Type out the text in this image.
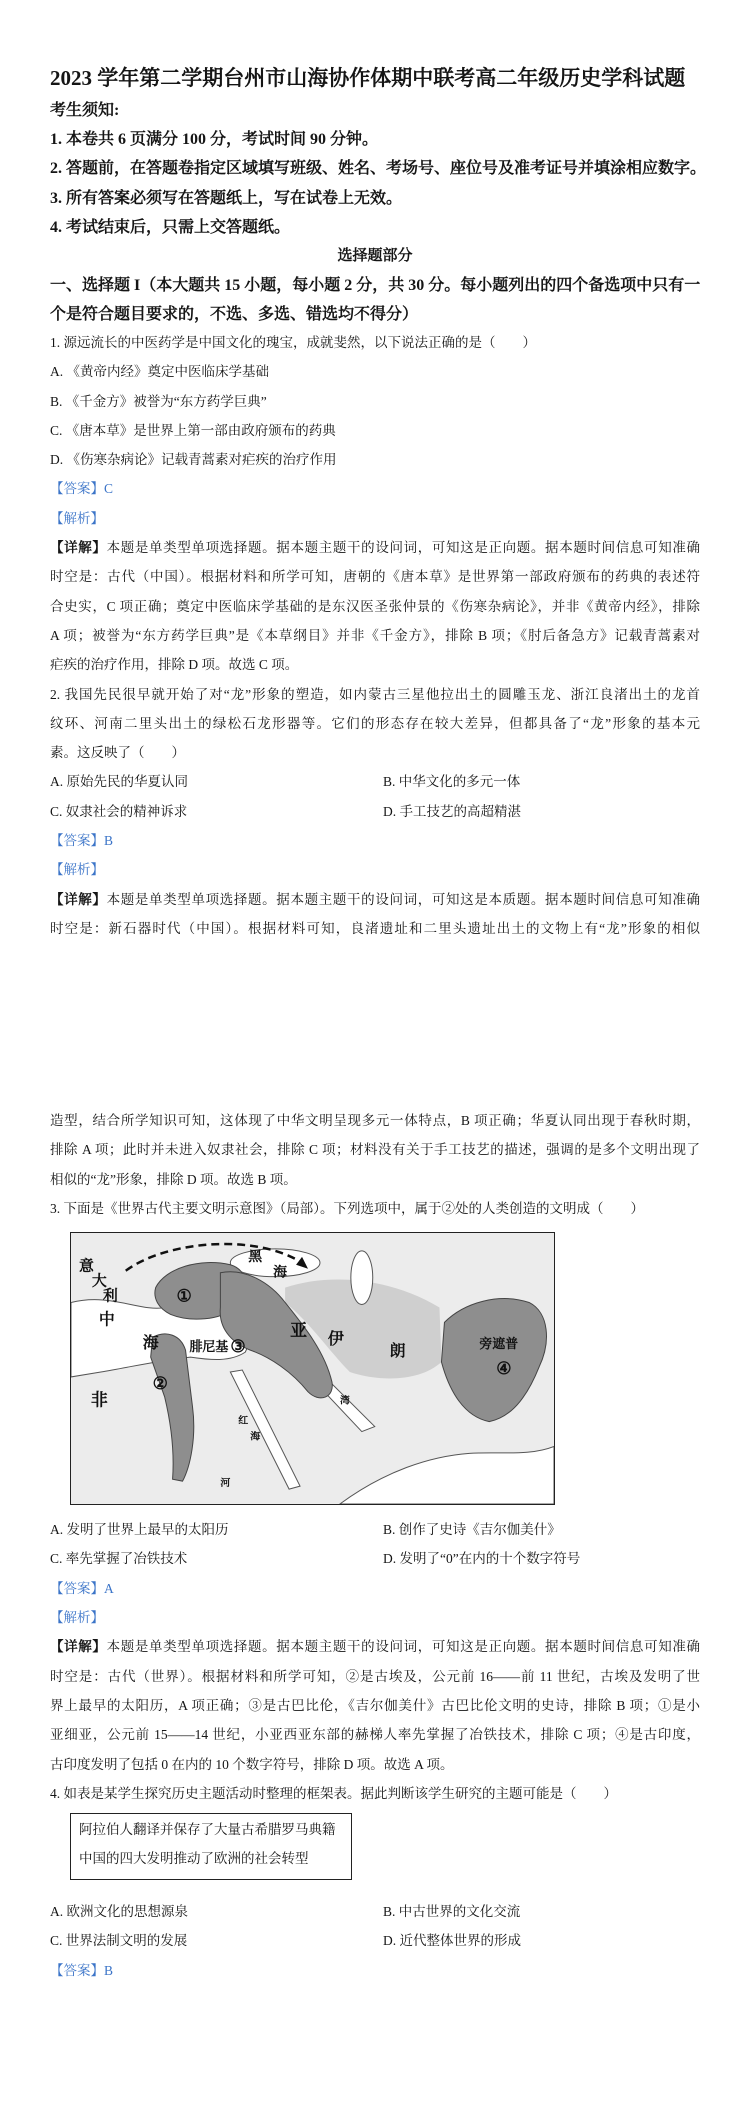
2023 学年第二学期台州市山海协作体期中联考高二年级历史学科试题
考生须知:
1. 本卷共 6 页满分 100 分，考试时间 90 分钟。
2. 答题前，在答题卷指定区域填写班级、姓名、考场号、座位号及准考证号并填涂相应数字。
3. 所有答案必须写在答题纸上，写在试卷上无效。
4. 考试结束后，只需上交答题纸。
选择题部分
一、选择题 I（本大题共 15 小题，每小题 2 分，共 30 分。每小题列出的四个备选项中只有一
个是符合题目要求的，不选、多选、错选均不得分）
1. 源远流长的中医药学是中国文化的瑰宝，成就斐然，以下说法正确的是（　　）
A. 《黄帝内经》奠定中医临床学基础
B. 《千金方》被誉为“东方药学巨典”
C. 《唐本草》是世界上第一部由政府颁布的药典
D. 《伤寒杂病论》记载青蒿素对疟疾的治疗作用
【答案】C
【解析】
【详解】本题是单类型单项选择题。据本题主题干的设问词，可知这是正向题。据本题时间信息可知准确
时空是：古代（中国）。根据材料和所学可知，唐朝的《唐本草》是世界第一部政府颁布的药典的表述符
合史实，C 项正确；奠定中医临床学基础的是东汉医圣张仲景的《伤寒杂病论》，并非《黄帝内经》，排除
A 项；被誉为“东方药学巨典”是《本草纲目》并非《千金方》，排除 B 项；《肘后备急方》记载青蒿素对
疟疾的治疗作用，排除 D 项。故选 C 项。
2. 我国先民很早就开始了对“龙”形象的塑造，如内蒙古三星他拉出土的圆雕玉龙、浙江良渚出土的龙首
纹环、河南二里头出土的绿松石龙形器等。它们的形态存在较大差异，但都具备了“龙”形象的基本元
素。这反映了（　　）
A. 原始先民的华夏认同	B. 中华文化的多元一体
C. 奴隶社会的精神诉求	D. 手工技艺的高超精湛
【答案】B
【解析】
【详解】本题是单类型单项选择题。据本题主题干的设问词，可知这是本质题。据本题时间信息可知准确
时空是：新石器时代（中国）。根据材料可知，良渚遗址和二里头遗址出土的文物上有“龙”形象的相似
造型，结合所学知识可知，这体现了中华文明呈现多元一体特点，B 项正确；华夏认同出现于春秋时期，
排除 A 项；此时并未进入奴隶社会，排除 C 项；材料没有关于手工技艺的描述，强调的是多个文明出现了
相似的“龙”形象，排除 D 项。故选 B 项。
3. 下面是《世界古代主要文明示意图》（局部）。下列选项中，属于②处的人类创造的文明成（　　）
意
大
利
黑
海
中
海 腓尼基
亚 伊
朗
非
旁遮普
红
海
河
湾
①
②
③
④
A. 发明了世界上最早的太阳历	B. 创作了史诗《吉尔伽美什》
C. 率先掌握了冶铁技术	D. 发明了“0”在内的十个数字符号
【答案】A
【解析】
【详解】本题是单类型单项选择题。据本题主题干的设问词，可知这是正向题。据本题时间信息可知准确
时空是：古代（世界）。根据材料和所学可知，②是古埃及，公元前 16——前 11 世纪，古埃及发明了世
界上最早的太阳历，A 项正确；③是古巴比伦，《吉尔伽美什》古巴比伦文明的史诗，排除 B 项；①是小
亚细亚，公元前 15——14 世纪，小亚西亚东部的赫梯人率先掌握了冶铁技术，排除 C 项；④是古印度，
古印度发明了包括 0 在内的 10 个数字符号，排除 D 项。故选 A 项。
4. 如表是某学生探究历史主题活动时整理的框架表。据此判断该学生研究的主题可能是（　　）
阿拉伯人翻译并保存了大量古希腊罗马典籍
中国的四大发明推动了欧洲的社会转型
A. 欧洲文化的思想源泉	B. 中古世界的文化交流
C. 世界法制文明的发展	D. 近代整体世界的形成
【答案】B
